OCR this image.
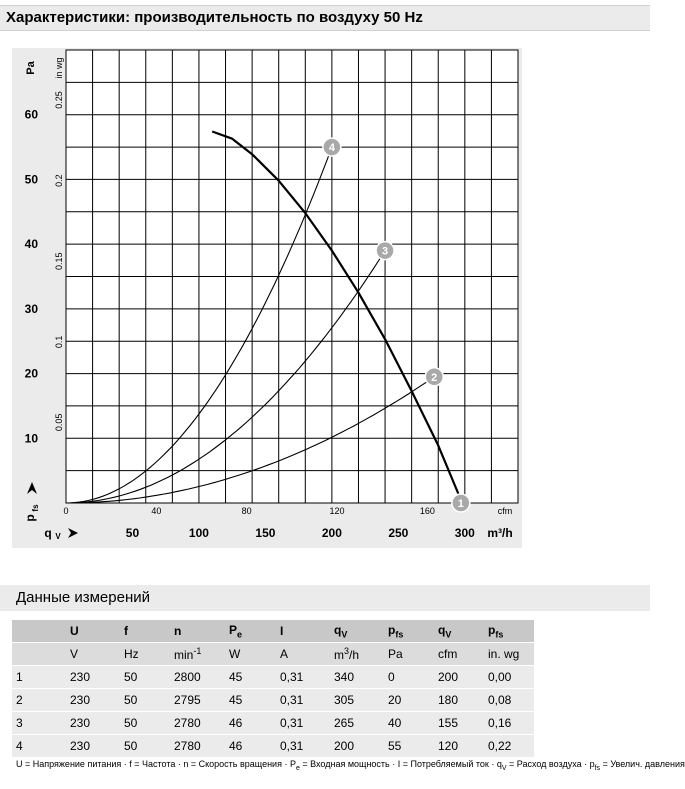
Характеристики: производительность по воздуху 50 Hz
10
20
30
40
50
60
0.05
0.1
0.15
0.2
0.25
Pa in wg
p
fs	0	40	80	120	160	cfm
q V	50	100	150	200	250	300 m³/h
1
2
3
4
Данные измерений
	U	f	n	$P_e$	I	$q_V$	$p_{fs}$	$q_V$	$p_{fs}$
	V	Hz	$\min^{-1}$	W	A	$m^3/h$	Pa	cfm	in. wg
1	230	50	2800	45	0,31	340	0	200	0,00
2	230	50	2795	45	0,31	305	20	180	0,08
3	230	50	2780	46	0,31	265	40	155	0,16
4	230	50	2780	46	0,31	200	55	120	0,22
U = Напряжение питания · f = Частота · n = Скорость вращения · $P_e$ = Входная мощность · I = Потребляемый ток · $q_V$ = Расход воздуха · $p_{fs}$ = Увелич. давления
